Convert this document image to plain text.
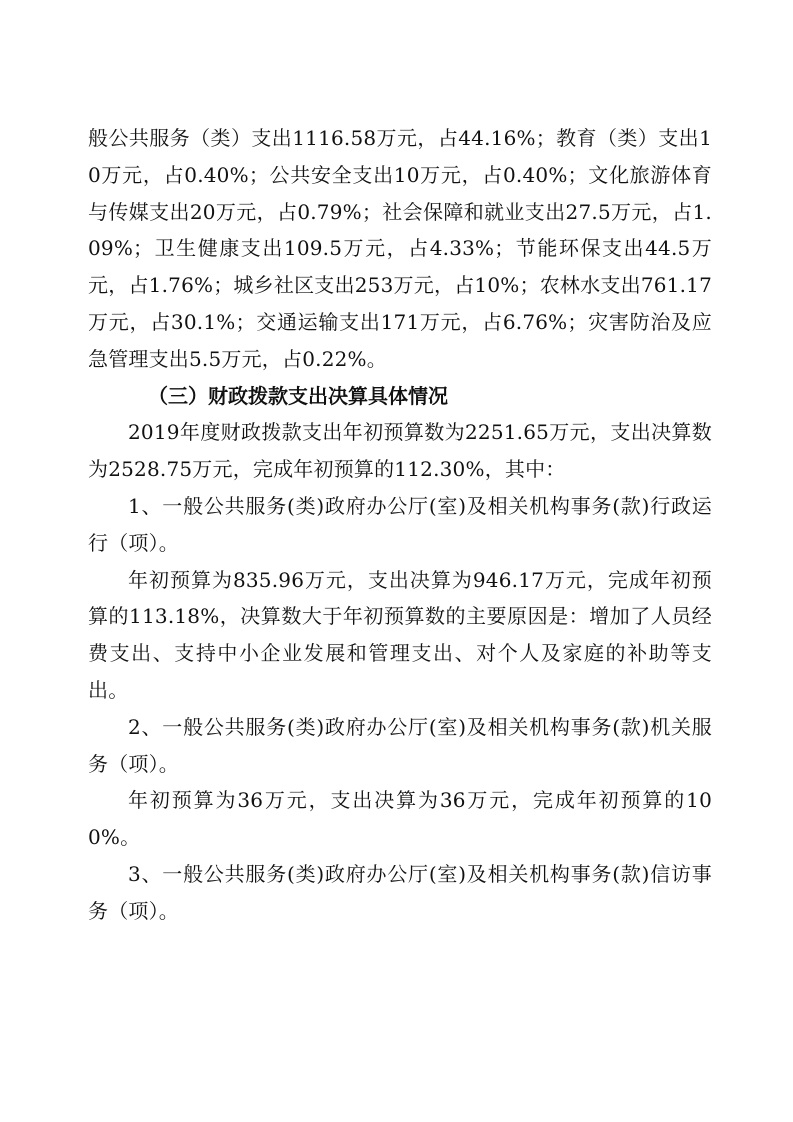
般公共服务（类）支出1116.58万元，占44.16%；教育（类）支出10万元，占0.40%；公共安全支出10万元，占0.40%；文化旅游体育与传媒支出20万元，占0.79%；社会保障和就业支出27.5万元，占1.09%；卫生健康支出109.5万元，占4.33%；节能环保支出44.5万元，占1.76%；城乡社区支出253万元，占10%；农林水支出761.17万元，占30.1%；交通运输支出171万元，占6.76%；灾害防治及应急管理支出5.5万元，占0.22%。

（三）财政拨款支出决算具体情况

2019年度财政拨款支出年初预算数为2251.65万元，支出决算数为2528.75万元，完成年初预算的112.30%，其中：

1、一般公共服务(类)政府办公厅(室)及相关机构事务(款)行政运行（项）。

年初预算为835.96万元，支出决算为946.17万元，完成年初预算的113.18%，决算数大于年初预算数的主要原因是：增加了人员经费支出、支持中小企业发展和管理支出、对个人及家庭的补助等支出。

2、一般公共服务(类)政府办公厅(室)及相关机构事务(款)机关服务（项）。

年初预算为36万元，支出决算为36万元，完成年初预算的100%。

3、一般公共服务(类)政府办公厅(室)及相关机构事务(款)信访事务（项）。
